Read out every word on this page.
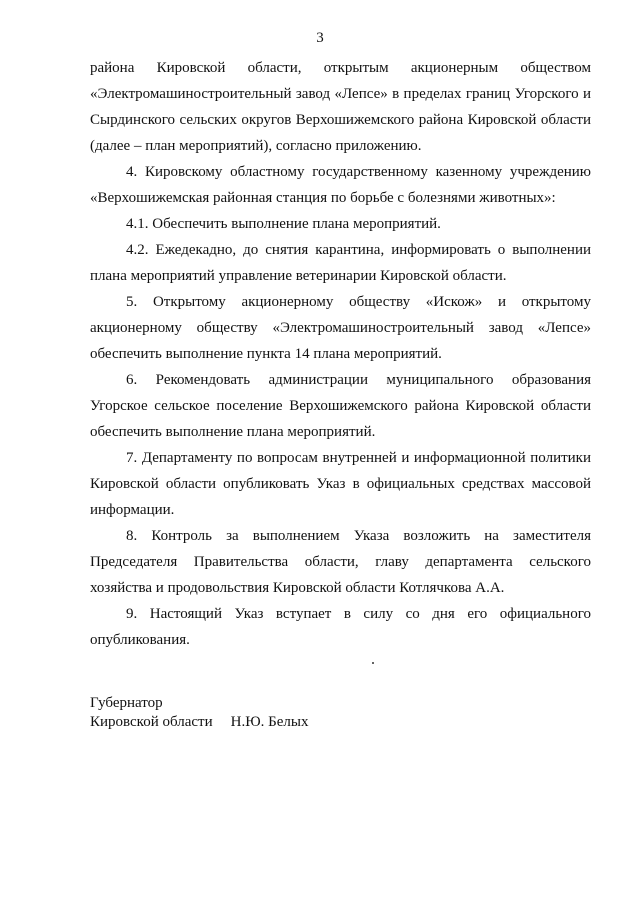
3

района Кировской области, открытым акционерным обществом «Электромашиностроительный завод «Лепсе» в пределах границ Угорского и Сырдинского сельских округов Верхошижемского района Кировской области (далее – план мероприятий), согласно приложению.

4. Кировскому областному государственному казенному учреждению «Верхошижемская районная станция по борьбе с болезнями животных»:

4.1. Обеспечить выполнение плана мероприятий.

4.2. Ежедекадно, до снятия карантина, информировать о выполнении плана мероприятий управление ветеринарии Кировской области.

5. Открытому акционерному обществу «Искож» и открытому акционерному обществу «Электромашиностроительный завод «Лепсе» обеспечить выполнение пункта 14 плана мероприятий.

6. Рекомендовать администрации муниципального образования Угорское сельское поселение Верхошижемского района Кировской области обеспечить выполнение плана мероприятий.

7. Департаменту по вопросам внутренней и информационной политики Кировской области опубликовать Указ в официальных средствах массовой информации.

8. Контроль за выполнением Указа возложить на заместителя Председателя Правительства области, главу департамента сельского хозяйства и продовольствия Кировской области Котлячкова А.А.

9. Настоящий Указ вступает в силу со дня его официального опубликования.

Губернатор
Кировской области Н.Ю. Белых
